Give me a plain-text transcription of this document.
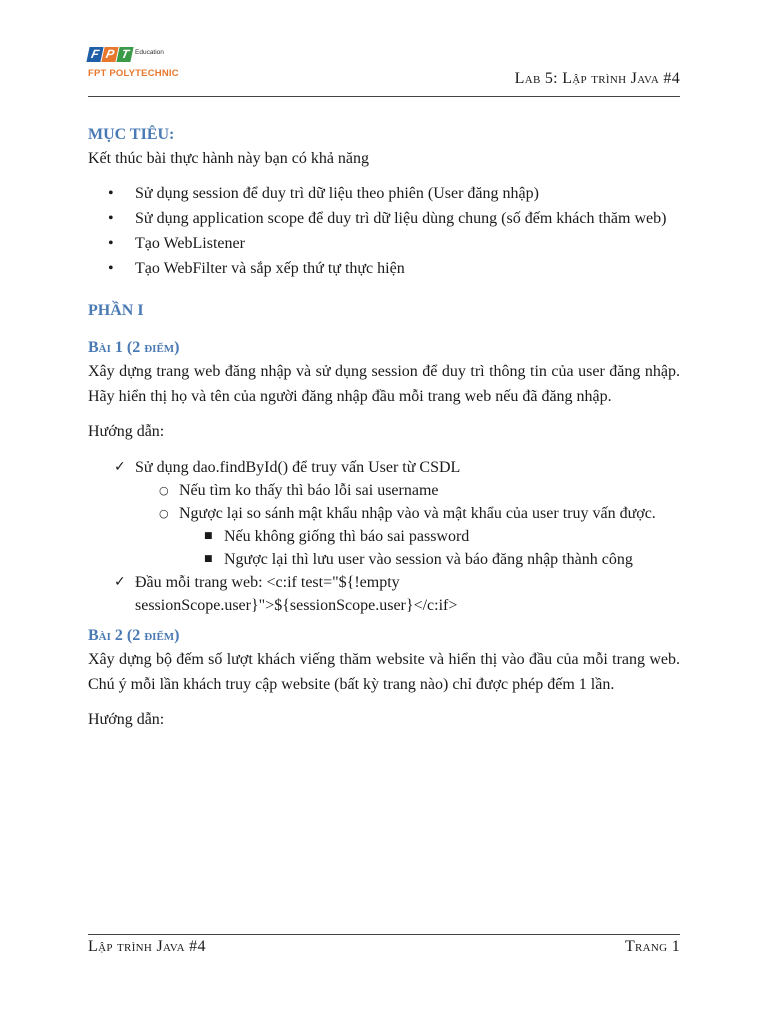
F P T Education
FPT POLYTECHNIC	Lab 5: Lập trình Java #4
MỤC TIÊU:

Kết thúc bài thực hành này bạn có khả năng

• Sử dụng session để duy trì dữ liệu theo phiên (User đăng nhập)
• Sử dụng application scope để duy trì dữ liệu dùng chung (số đếm khách thăm web)
• Tạo WebListener
• Tạo WebFilter và sắp xếp thứ tự thực hiện
PHẦN I
Bài 1 (2 điểm)

Xây dựng trang web đăng nhập và sử dụng session để duy trì thông tin của user đăng nhập. Hãy hiển thị họ và tên của người đăng nhập đầu mỗi trang web nếu đã đăng nhập.

Hướng dẫn:

✓ Sử dụng dao.findById() để truy vấn User từ CSDL
○ Nếu tìm ko thấy thì báo lỗi sai username
○ Ngược lại so sánh mật khẩu nhập vào và mật khẩu của user truy vấn được.
■ Nếu không giống thì báo sai password
■ Ngược lại thì lưu user vào session và báo đăng nhập thành công
✓ Đầu mỗi trang web: <c:if test="${!empty sessionScope.user}">${sessionScope.user}</c:if>
Bài 2 (2 điểm)

Xây dựng bộ đếm số lượt khách viếng thăm website và hiển thị vào đầu của mỗi trang web. Chú ý mỗi lần khách truy cập website (bất kỳ trang nào) chỉ được phép đếm 1 lần.

Hướng dẫn:

Lập trình Java #4	Trang 1
